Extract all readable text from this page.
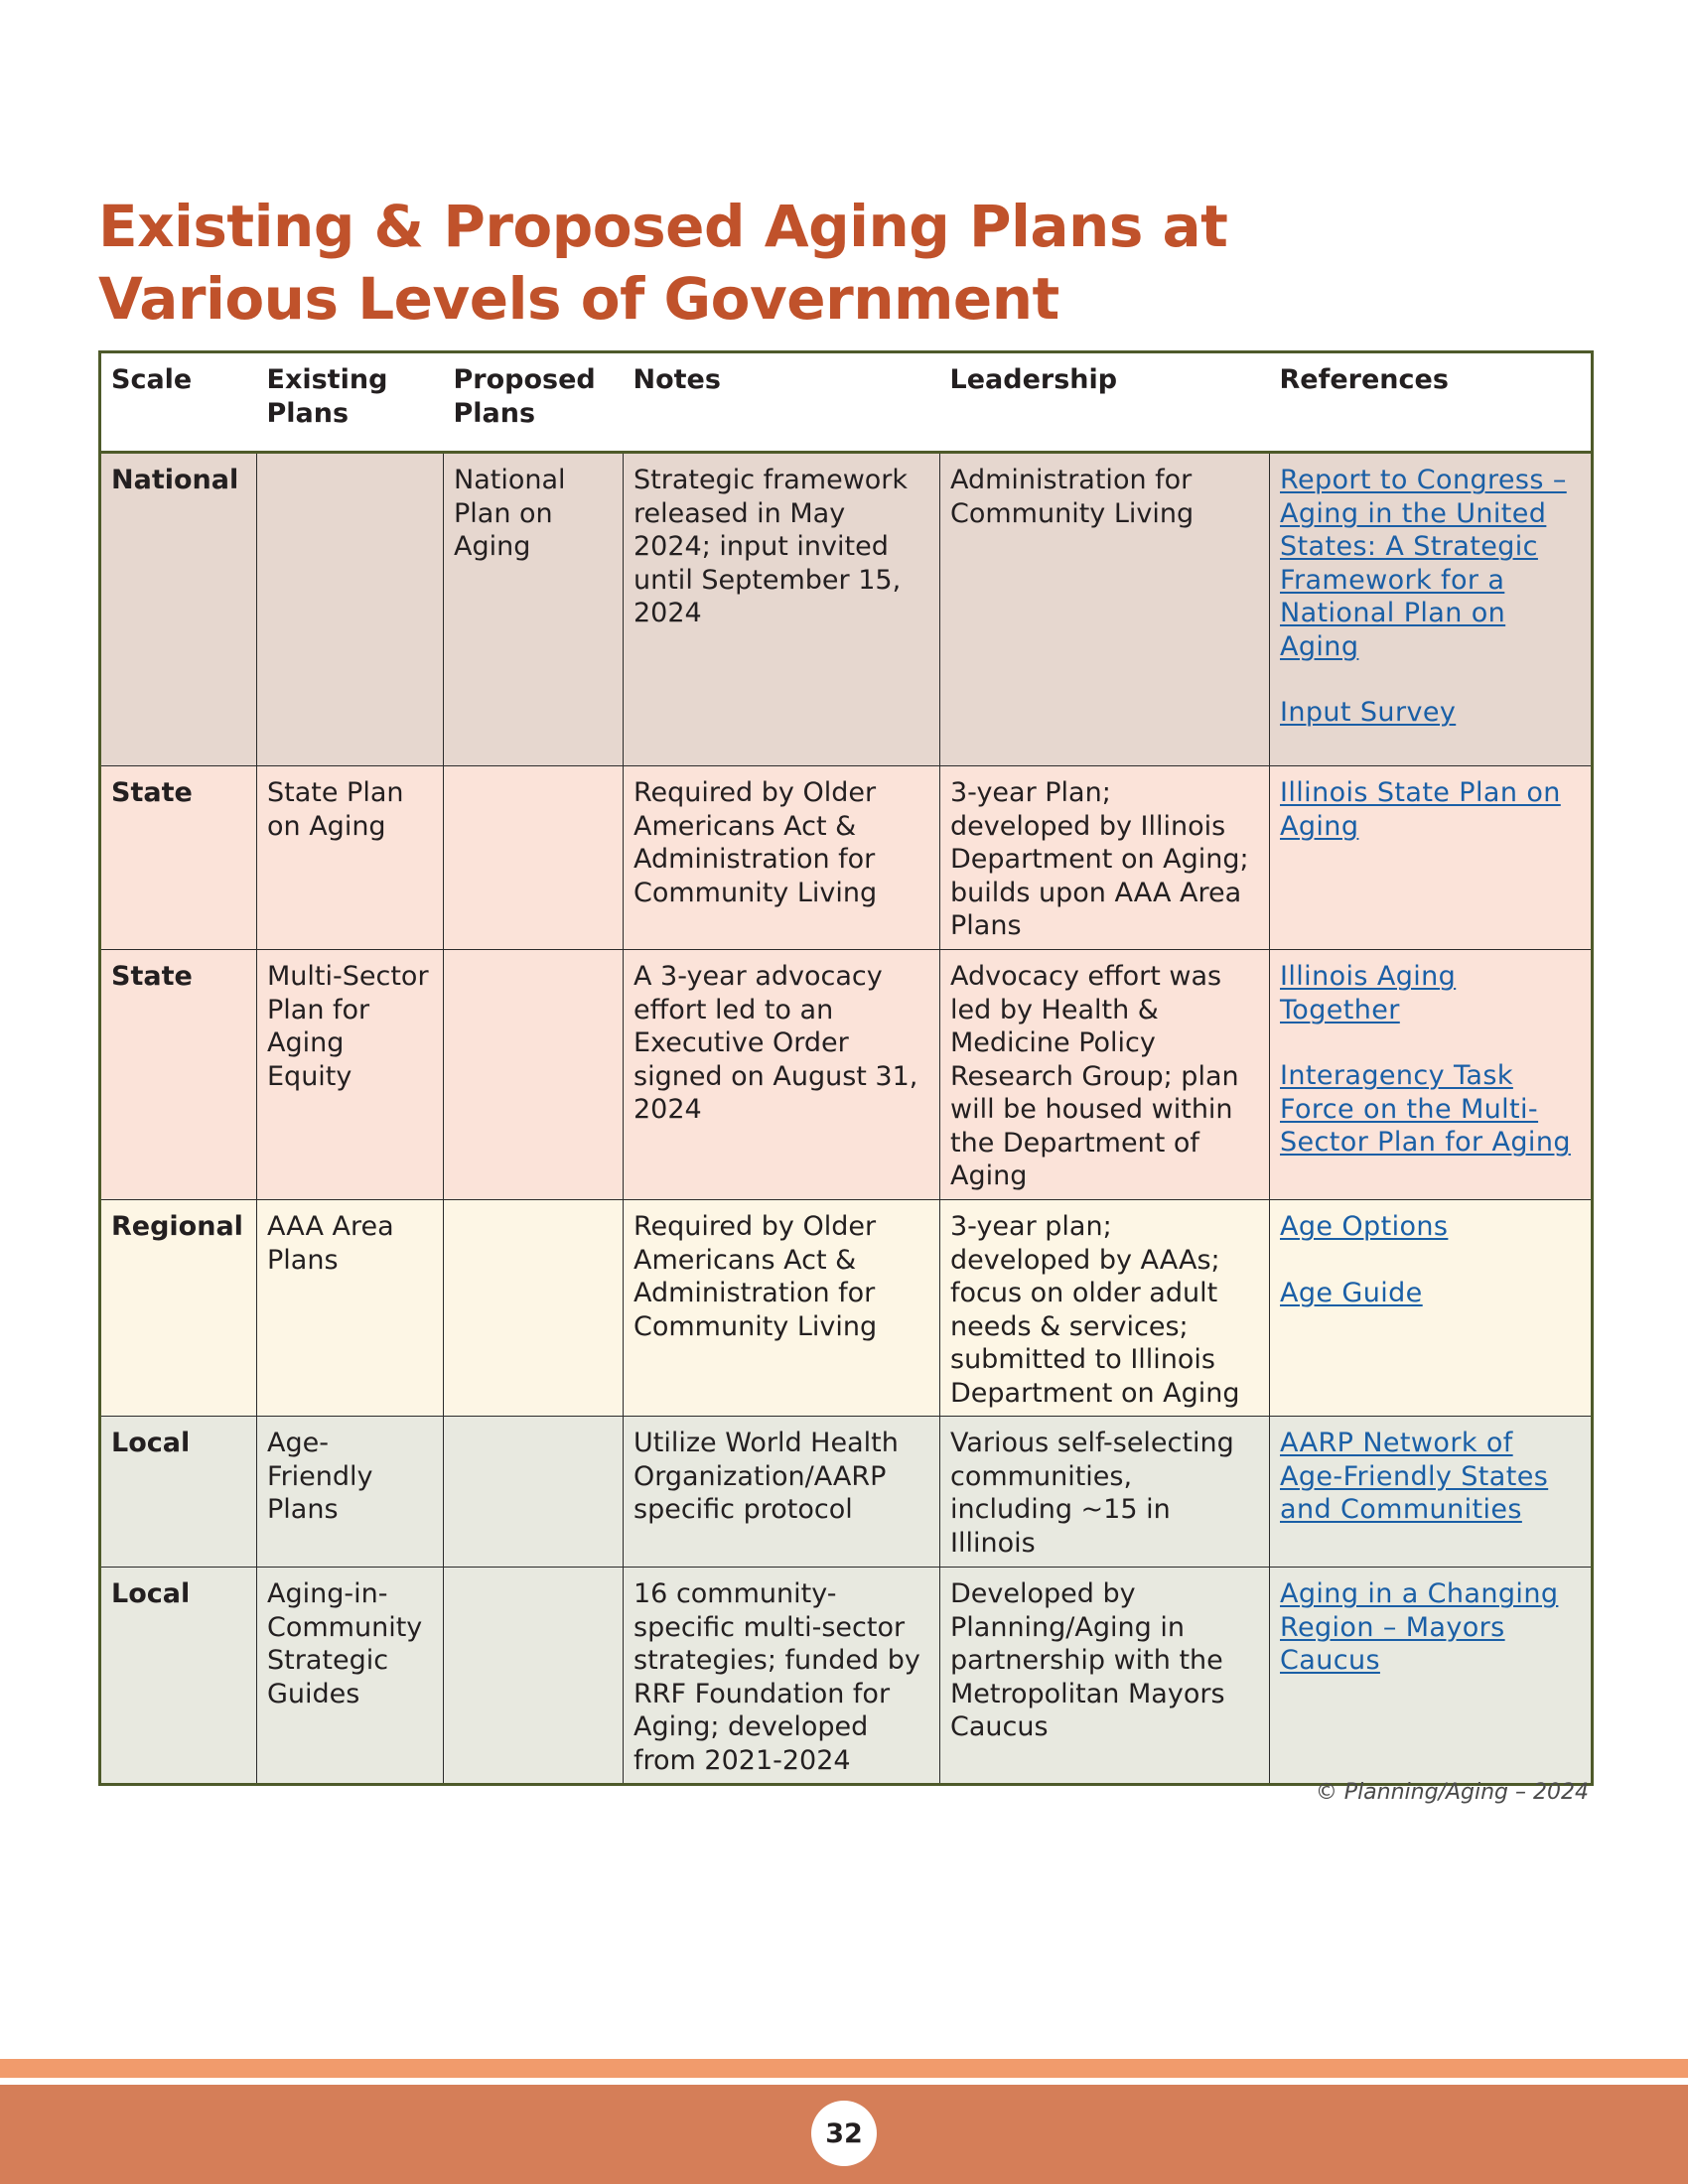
Existing & Proposed Aging Plans at
Various Levels of Government
Scale	Existing Plans	Proposed Plans	Notes	Leadership	References
National		National Plan on Aging	Strategic framework released in May 2024; input invited until September 15, 2024	Administration for Community Living	Report to Congress – Aging in the United States: A Strategic Framework for a National Plan on Aging
Input Survey
State	State Plan on Aging		Required by Older Americans Act & Administration for Community Living	3-year Plan; developed by Illinois Department on Aging; builds upon AAA Area Plans	Illinois State Plan on Aging
State	Multi-Sector Plan for Aging Equity		A 3-year advocacy effort led to an Executive Order signed on August 31, 2024	Advocacy effort was led by Health & Medicine Policy Research Group; plan will be housed within the Department of Aging	Illinois Aging Together
Interagency Task Force on the Multi-Sector Plan for Aging
Regional	AAA Area Plans		Required by Older Americans Act & Administration for Community Living	3-year plan; developed by AAAs; focus on older adult needs & services; submitted to Illinois Department on Aging	Age Options
Age Guide
Local	Age-Friendly Plans		Utilize World Health Organization/AARP specific protocol	Various self-selecting communities, including ~15 in Illinois	AARP Network of Age-Friendly States and Communities
Local	Aging-in-Community Strategic Guides		16 community-specific multi-sector strategies; funded by RRF Foundation for Aging; developed from 2021-2024	Developed by Planning/Aging in partnership with the Metropolitan Mayors Caucus	Aging in a Changing Region – Mayors Caucus
© Planning/Aging – 2024
32
